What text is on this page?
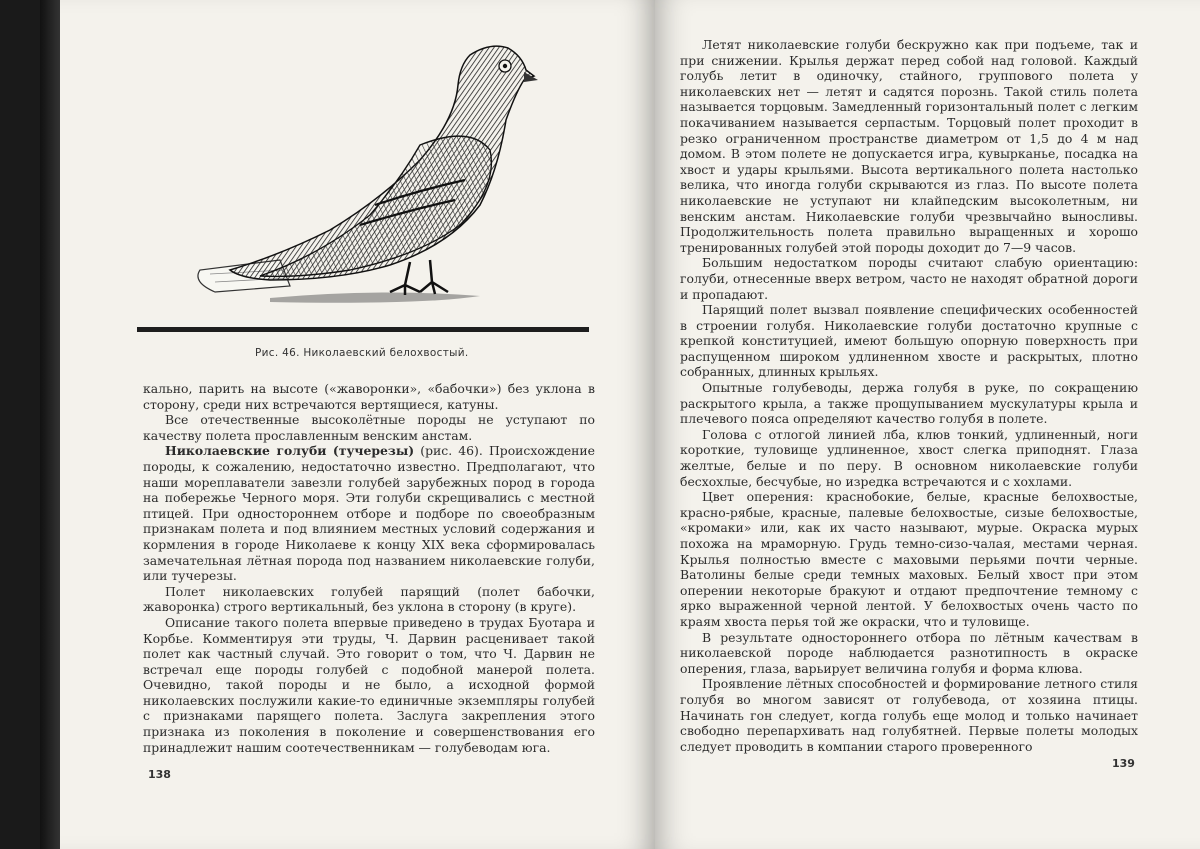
Рис. 46. Николаевский белохвостый.

кально, парить на высоте («жаворонки», «бабочки») без уклона в сторону, среди них встречаются вертящиеся, катуны.

Все отечественные высоколётные породы не уступают по качеству полета прославленным венским анстам.

Николаевские голуби (тучерезы) (рис. 46). Происхождение породы, к сожалению, недостаточно известно. Предполагают, что наши мореплаватели завезли голубей зарубежных пород в города на побережье Черного моря. Эти голуби скрещивались с местной птицей. При одностороннем отборе и подборе по своеобразным признакам полета и под влиянием местных условий содержания и кормления в городе Николаеве к концу XIX века сформировалась замечательная лётная порода под названием николаевские голуби, или тучерезы.

Полет николаевских голубей парящий (полет бабочки, жаворонка) строго вертикальный, без уклона в сторону (в круге).

Описание такого полета впервые приведено в трудах Буотара и Корбье. Комментируя эти труды, Ч. Дарвин расценивает такой полет как частный случай. Это говорит о том, что Ч. Дарвин не встречал еще породы голубей с подобной манерой полета. Очевидно, такой породы и не было, а исходной формой николаевских послужили какие-то единичные экземпляры голубей с признаками парящего полета. Заслуга закрепления этого признака из поколения в поколение и совершенствования его принадлежит нашим соотечественникам — голубеводам юга.

138

Летят николаевские голуби бескружно как при подъеме, так и при снижении. Крылья держат перед собой над головой. Каждый голубь летит в одиночку, стайного, группового полета у николаевских нет — летят и садятся порознь. Такой стиль полета называется торцовым. Замедленный горизонтальный полет с легким покачиванием называется серпастым. Торцовый полет проходит в резко ограниченном пространстве диаметром от 1,5 до 4 м над домом. В этом полете не допускается игра, кувырканье, посадка на хвост и удары крыльями. Высота вертикального полета настолько велика, что иногда голуби скрываются из глаз. По высоте полета николаевские не уступают ни клайпедским высоколетным, ни венским анстам. Николаевские голуби чрезвычайно выносливы. Продолжительность полета правильно выращенных и хорошо тренированных голубей этой породы доходит до 7—9 часов.

Большим недостатком породы считают слабую ориентацию: голуби, отнесенные вверх ветром, часто не находят обратной дороги и пропадают.

Парящий полет вызвал появление специфических особенностей в строении голубя. Николаевские голуби достаточно крупные с крепкой конституцией, имеют большую опорную поверхность при распущенном широком удлиненном хвосте и раскрытых, плотно собранных, длинных крыльях.

Опытные голубеводы, держа голубя в руке, по сокращению раскрытого крыла, а также прощупыванием мускулатуры крыла и плечевого пояса определяют качество голубя в полете.

Голова с отлогой линией лба, клюв тонкий, удлиненный, ноги короткие, туловище удлиненное, хвост слегка приподнят. Глаза желтые, белые и по перу. В основном николаевские голуби бесхохлые, бесчубые, но изредка встречаются и с хохлами.

Цвет оперения: краснобокие, белые, красные белохвостые, красно-рябые, красные, палевые белохвостые, сизые белохвостые, «кромаки» или, как их часто называют, мурые. Окраска мурых похожа на мраморную. Грудь темно-сизо-чалая, местами черная. Крылья полностью вместе с маховыми перьями почти черные. Ватолины белые среди темных маховых. Белый хвост при этом оперении некоторые бракуют и отдают предпочтение темному с ярко выраженной черной лентой. У белохвостых очень часто по краям хвоста перья той же окраски, что и туловище.

В результате одностороннего отбора по лётным качествам в николаевской породе наблюдается разнотипность в окраске оперения, глаза, варьирует величина голубя и форма клюва.

Проявление лётных способностей и формирование летного стиля голубя во многом зависят от голубевода, от хозяина птицы. Начинать гон следует, когда голубь еще молод и только начинает свободно перепархивать над голубятней. Первые полеты молодых следует проводить в компании старого проверенного

139
